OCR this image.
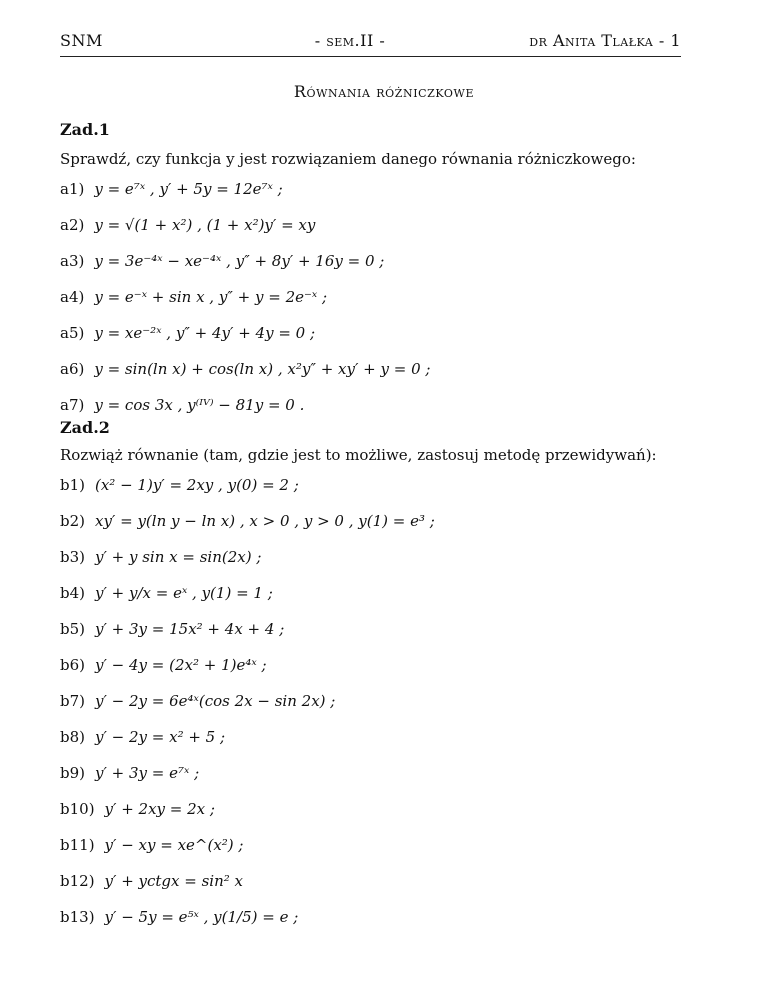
SNM	- sem.II -	dr Anita Tlałka - 1
Równania różniczkowe
Zad.1
Sprawdź, czy funkcja y jest rozwiązaniem danego równania różniczkowego:
a1) y = e⁷ˣ , y′ + 5y = 12e⁷ˣ ;
a2) y = √(1 + x²) , (1 + x²)y′ = xy
a3) y = 3e⁻⁴ˣ − xe⁻⁴ˣ , y″ + 8y′ + 16y = 0 ;
a4) y = e⁻ˣ + sin x , y″ + y = 2e⁻ˣ ;
a5) y = xe⁻²ˣ , y″ + 4y′ + 4y = 0 ;
a6) y = sin(ln x) + cos(ln x) , x²y″ + xy′ + y = 0 ;
a7) y = cos 3x , y⁽ᴵⱽ⁾ − 81y = 0 .
Zad.2
Rozwiąż równanie (tam, gdzie jest to możliwe, zastosuj metodę przewidywań):
b1) (x² − 1)y′ = 2xy , y(0) = 2 ;
b2) xy′ = y(ln y − ln x) , x > 0 , y > 0 , y(1) = e³ ;
b3) y′ + y sin x = sin(2x) ;
b4) y′ + y/x = eˣ , y(1) = 1 ;
b5) y′ + 3y = 15x² + 4x + 4 ;
b6) y′ − 4y = (2x² + 1)e⁴ˣ ;
b7) y′ − 2y = 6e⁴ˣ(cos 2x − sin 2x) ;
b8) y′ − 2y = x² + 5 ;
b9) y′ + 3y = e⁷ˣ ;
b10) y′ + 2xy = 2x ;
b11) y′ − xy = xe^(x²) ;
b12) y′ + yctgx = sin² x
b13) y′ − 5y = e⁵ˣ , y(1/5) = e ;
